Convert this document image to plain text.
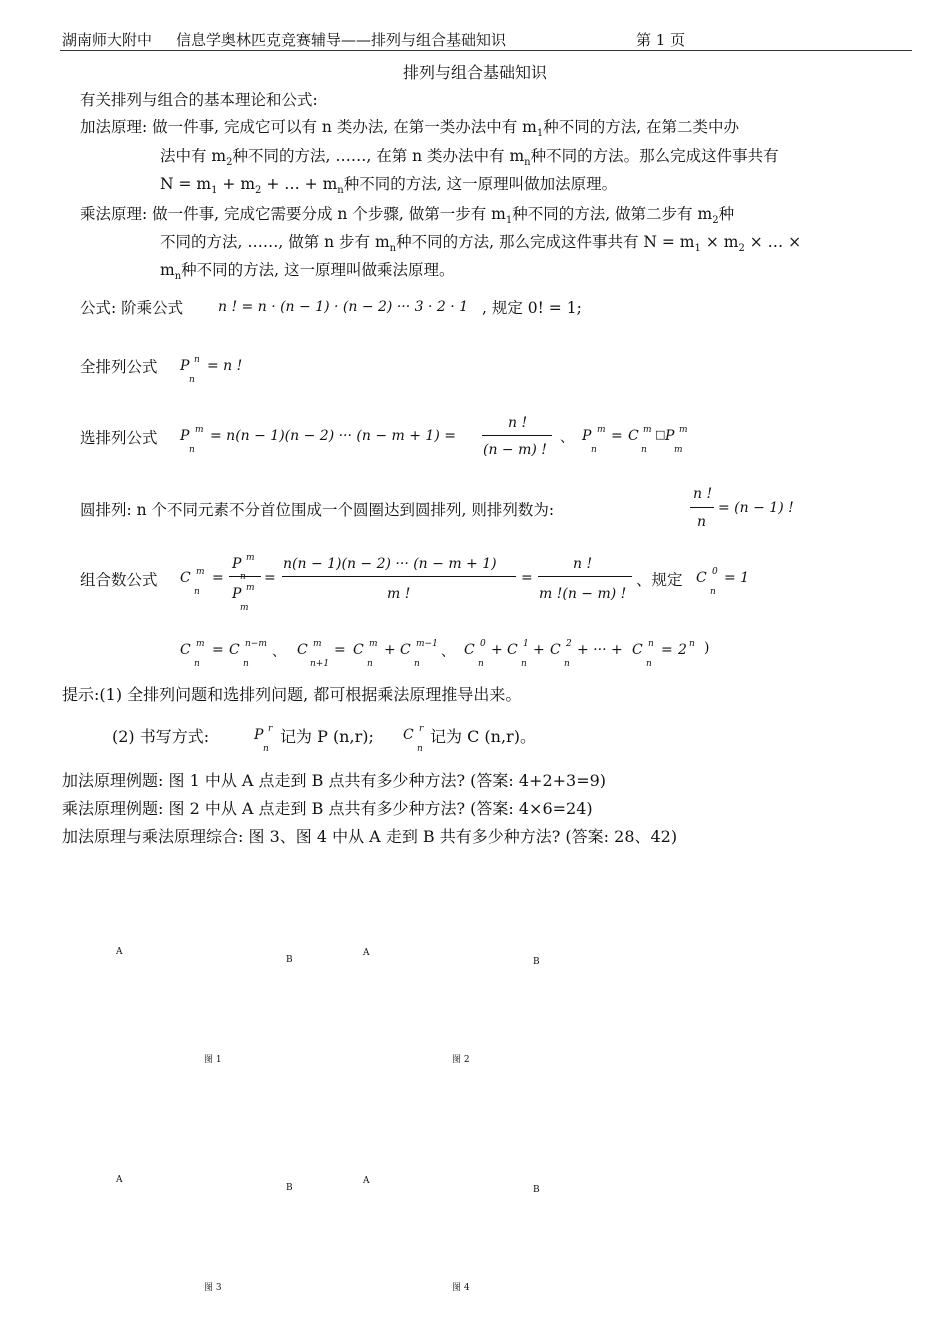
湖南师大附中 信息学奥林匹克竞赛辅导——排列与组合基础知识	第 1 页
排列与组合基础知识
有关排列与组合的基本理论和公式:
加法原理: 做一件事, 完成它可以有 n 类办法, 在第一类办法中有 $m_1$种不同的方法, 在第二类中办
法中有 $m_2$种不同的方法, ……, 在第 n 类办法中有 $m_n$种不同的方法。那么完成这件事共有
$N = m_1 + m_2$ + … + $m_n$种不同的方法, 这一原理叫做加法原理。
乘法原理: 做一件事, 完成它需要分成 n 个步骤, 做第一步有 $m_1$种不同的方法, 做第二步有 $m_2$种
不同的方法, ……, 做第 n 步有 $m_n$种不同的方法, 那么完成这件事共有 $N = m_1 \times m_2$ × … ×
$m_n$种不同的方法, 这一原理叫做乘法原理。
公式: 阶乘公式 n ! = n · (n − 1) · (n − 2) ··· 3 · 2 · 1 , 规定 0! = 1;
全排列公式 P n
n
= n !
选排列公式 P m
n
= n(n − 1)(n − 2) ··· (n − m + 1) =
n !
(n − m) !
、 P m
n
= C m
n
□ P m
m
圆排列: n 个不同元素不分首位围成一个圆圈达到圆排列, 则排列数为:
n !
n
= (n − 1) !
组合数公式 C m
n
=
P m
n
P m
m
=
n(n − 1)(n − 2) ··· (n − m + 1)
m !
=
n !
m !(n − m) !
、规定 C 0
n
= 1
C m
n
= C n−m
n
、 C m
n+1
= C m
n
+ C m−1
n
、 C 0
n
+ C 1
n
+ C 2
n
+ ··· + C n
n
= 2 n )
提示:(1) 全排列问题和选排列问题, 都可根据乘法原理推导出来。
(2) 书写方式:	P r
n
记为 P (n,r); C r
n
记为 C (n,r)。
加法原理例题: 图 1 中从 A 点走到 B 点共有多少种方法? (答案: 4+2+3=9)
乘法原理例题: 图 2 中从 A 点走到 B 点共有多少种方法? (答案: 4×6=24)
加法原理与乘法原理综合: 图 3、图 4 中从 A 走到 B 共有多少种方法? (答案: 28、42)
A
B
图 1
A
B
图 2
A
B
图 3
A
B
图 4
